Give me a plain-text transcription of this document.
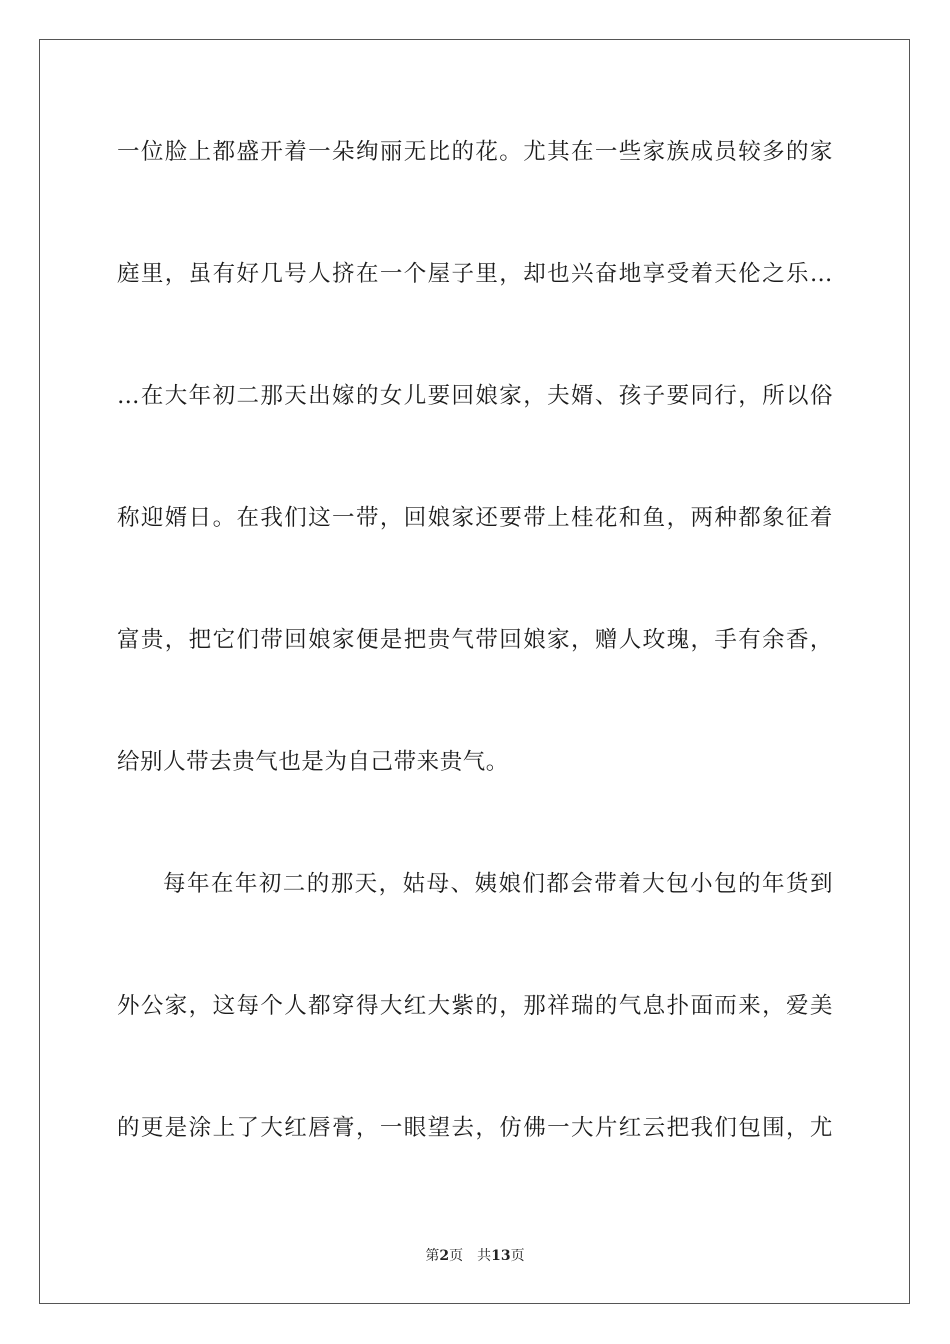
一位脸上都盛开着一朵绚丽无比的花。尤其在一些家族成员较多的家
庭里，虽有好几号人挤在一个屋子里，却也兴奋地享受着天伦之乐…
…在大年初二那天出嫁的女儿要回娘家，夫婿、孩子要同行，所以俗
称迎婿日。在我们这一带，回娘家还要带上桂花和鱼，两种都象征着
富贵，把它们带回娘家便是把贵气带回娘家，赠人玫瑰，手有余香，
给别人带去贵气也是为自己带来贵气。
每年在年初二的那天，姑母、姨娘们都会带着大包小包的年货到
外公家，这每个人都穿得大红大紫的，那祥瑞的气息扑面而来，爱美
的更是涂上了大红唇膏，一眼望去，仿佛一大片红云把我们包围，尤
第2页 共13页
